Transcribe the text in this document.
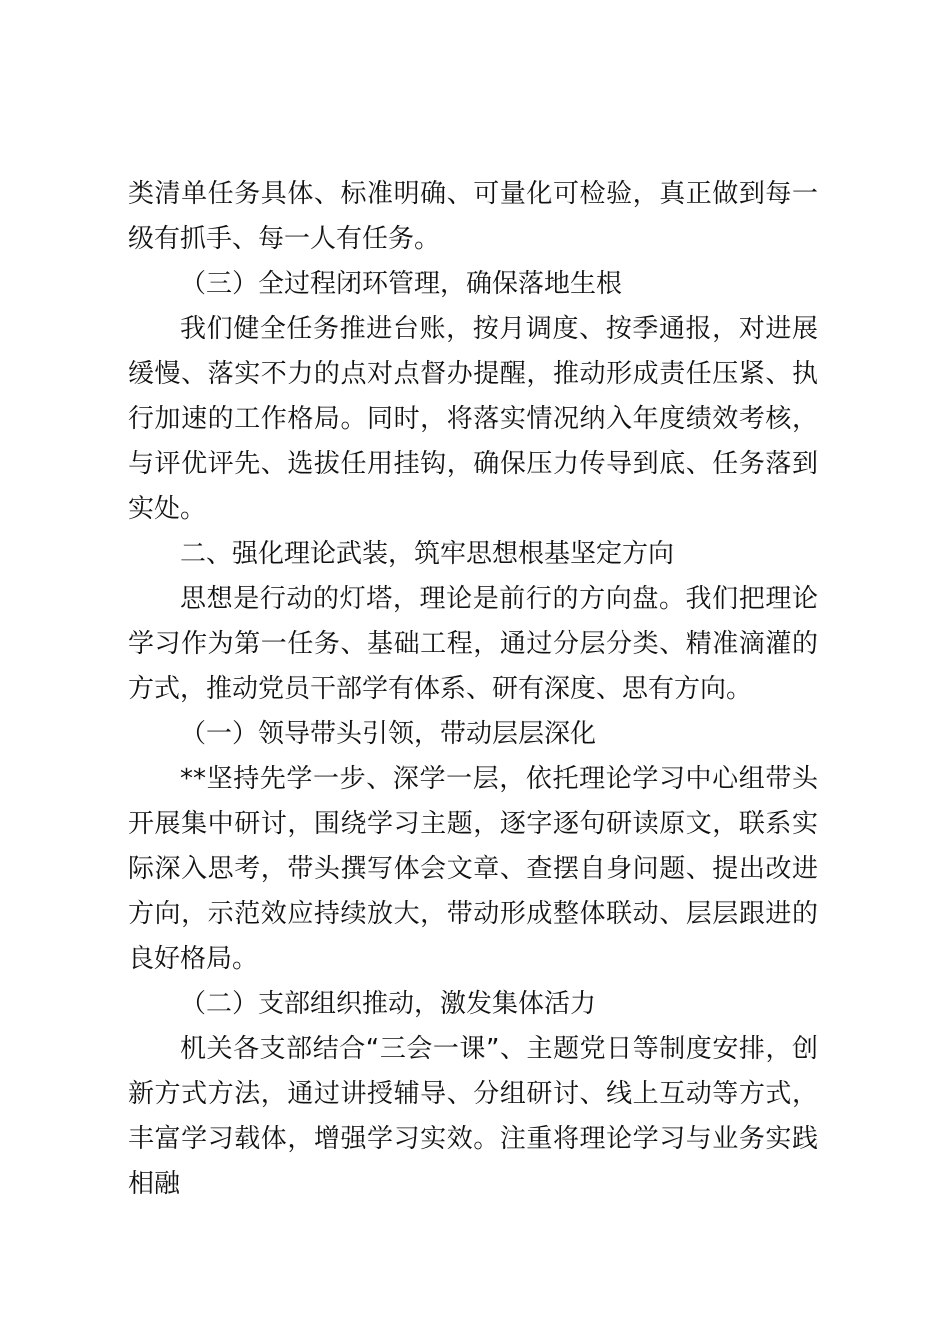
类清单任务具体、标准明确、可量化可检验，真正做到每一级有抓手、每一人有任务。

（三）全过程闭环管理，确保落地生根

我们健全任务推进台账，按月调度、按季通报，对进展缓慢、落实不力的点对点督办提醒，推动形成责任压紧、执行加速的工作格局。同时，将落实情况纳入年度绩效考核，与评优评先、选拔任用挂钩，确保压力传导到底、任务落到实处。

二、强化理论武装，筑牢思想根基坚定方向

思想是行动的灯塔，理论是前行的方向盘。我们把理论学习作为第一任务、基础工程，通过分层分类、精准滴灌的方式，推动党员干部学有体系、研有深度、思有方向。

（一）领导带头引领，带动层层深化

**坚持先学一步、深学一层，依托理论学习中心组带头开展集中研讨，围绕学习主题，逐字逐句研读原文，联系实际深入思考，带头撰写体会文章、查摆自身问题、提出改进方向，示范效应持续放大，带动形成整体联动、层层跟进的良好格局。

（二）支部组织推动，激发集体活力

机关各支部结合“三会一课”、主题党日等制度安排，创新方式方法，通过讲授辅导、分组研讨、线上互动等方式，丰富学习载体，增强学习实效。注重将理论学习与业务实践相融
